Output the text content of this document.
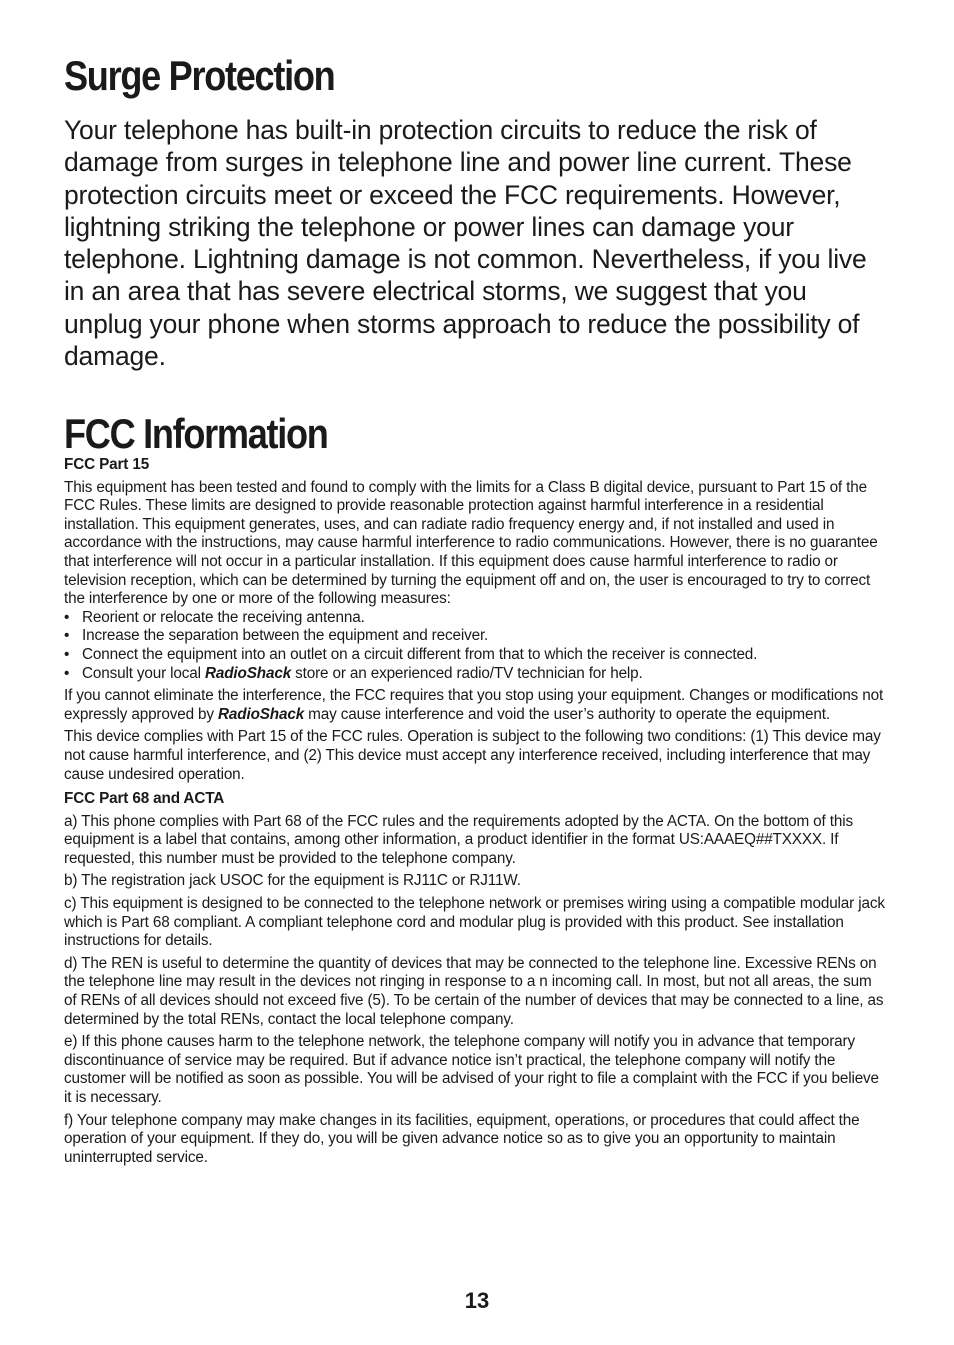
Surge Protection

Your telephone has built-in protection circuits to reduce the risk of damage from surges in telephone line and power line current. These protection circuits meet or exceed the FCC requirements. However, lightning striking the telephone or power lines can damage your telephone. Lightning damage is not common. Nevertheless, if you live in an area that has severe electrical storms, we suggest that you unplug your phone when storms approach to reduce the possibility of damage.

FCC Information
FCC Part 15
This equipment has been tested and found to comply with the limits for a Class B digital device, pursuant to Part 15 of the FCC Rules. These limits are designed to provide reasonable protection against harmful interference in a residential installation. This equipment generates, uses, and can radiate radio frequency energy and, if not installed and used in accordance with the instructions, may cause harmful interference to radio communications. However, there is no guarantee that interference will not occur in a particular installation. If this equipment does cause harmful interference to radio or television reception, which can be determined by turning the equipment off and on, the user is encouraged to try to correct the interference by one or more of the following measures:
• Reorient or relocate the receiving antenna.
• Increase the separation between the equipment and receiver.
• Connect the equipment into an outlet on a circuit different from that to which the receiver is connected.
• Consult your local RadioShack store or an experienced radio/TV technician for help.
If you cannot eliminate the interference, the FCC requires that you stop using your equipment. Changes or modifications not expressly approved by RadioShack may cause interference and void the user’s authority to operate the equipment.
This device complies with Part 15 of the FCC rules. Operation is subject to the following two conditions: (1) This device may not cause harmful interference, and (2) This device must accept any interference received, including interference that may cause undesired operation.
FCC Part 68 and ACTA
a) This phone complies with Part 68 of the FCC rules and the requirements adopted by the ACTA. On the bottom of this equipment is a label that contains, among other information, a product identifier in the format US:AAAEQ##TXXXX. If requested, this number must be provided to the telephone company.
b) The registration jack USOC for the equipment is RJ11C or RJ11W.
c) This equipment is designed to be connected to the telephone network or premises wiring using a compatible modular jack which is Part 68 compliant. A compliant telephone cord and modular plug is provided with this product. See installation instructions for details.
d) The REN is useful to determine the quantity of devices that may be connected to the telephone line. Excessive RENs on the telephone line may result in the devices not ringing in response to a n incoming call. In most, but not all areas, the sum of RENs of all devices should not exceed five (5). To be certain of the number of devices that may be connected to a line, as determined by the total RENs, contact the local telephone company.
e) If this phone causes harm to the telephone network, the telephone company will notify you in advance that temporary discontinuance of service may be required. But if advance notice isn’t practical, the telephone company will notify the customer will be notified as soon as possible. You will be advised of your right to file a complaint with the FCC if you believe it is necessary.
f) Your telephone company may make changes in its facilities, equipment, operations, or procedures that could affect the operation of your equipment. If they do, you will be given advance notice so as to give you an opportunity to maintain uninterrupted service.
13
